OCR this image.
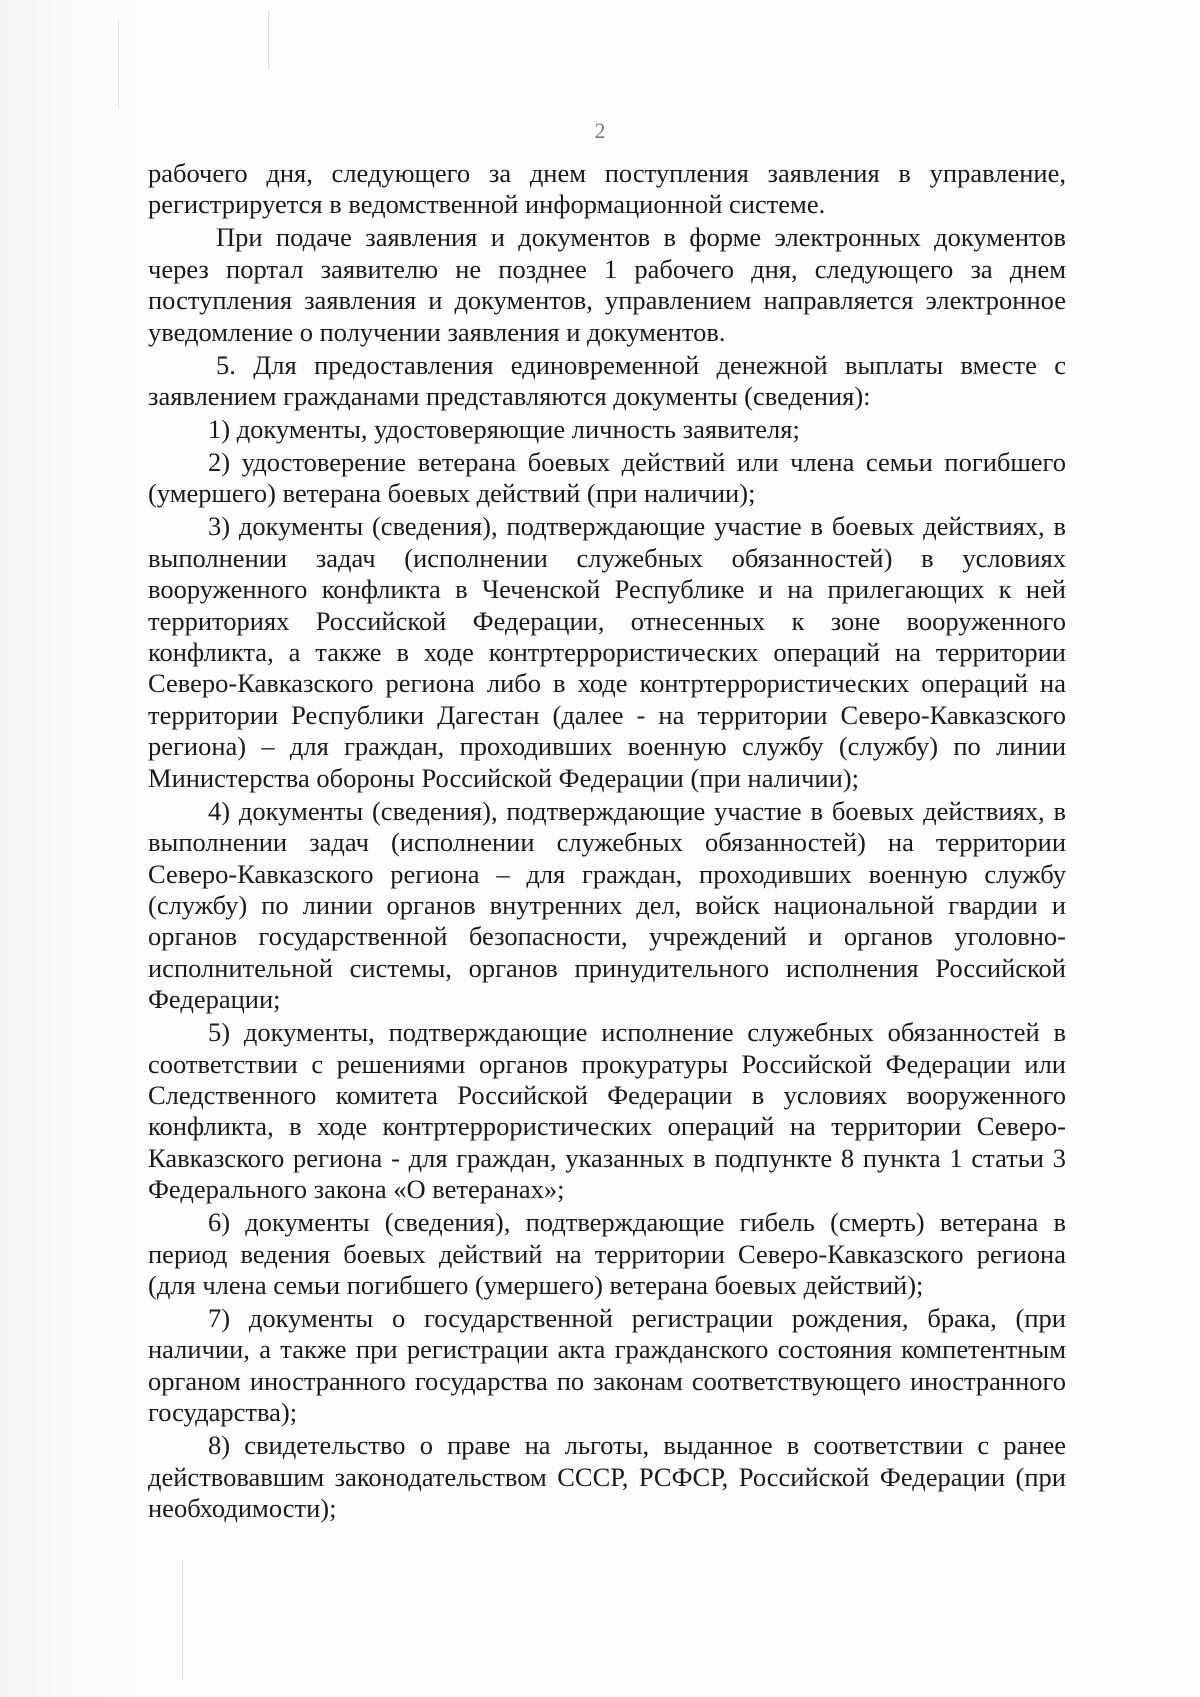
2

рабочего дня, следующего за днем поступления заявления в управление, регистрируется в ведомственной информационной системе.

При подаче заявления и документов в форме электронных документов через портал заявителю не позднее 1 рабочего дня, следующего за днем поступления заявления и документов, управлением направляется электронное уведомление о получении заявления и документов.

5. Для предоставления единовременной денежной выплаты вместе с заявлением гражданами представляются документы (сведения):

1) документы, удостоверяющие личность заявителя;

2) удостоверение ветерана боевых действий или члена семьи погибшего (умершего) ветерана боевых действий (при наличии);

3) документы (сведения), подтверждающие участие в боевых действиях, в выполнении задач (исполнении служебных обязанностей) в условиях вооруженного конфликта в Чеченской Республике и на прилегающих к ней территориях Российской Федерации, отнесенных к зоне вооруженного конфликта, а также в ходе контртеррористических операций на территории Северо-Кавказского региона либо в ходе контртеррористических операций на территории Республики Дагестан (далее - на территории Северо-Кавказского региона) – для граждан, проходивших военную службу (службу) по линии Министерства обороны Российской Федерации (при наличии);

4) документы (сведения), подтверждающие участие в боевых действиях, в выполнении задач (исполнении служебных обязанностей) на территории Северо-Кавказского региона – для граждан, проходивших военную службу (службу) по линии органов внутренних дел, войск национальной гвардии и органов государственной безопасности, учреждений и органов уголовно-исполнительной системы, органов принудительного исполнения Российской Федерации;

5) документы, подтверждающие исполнение служебных обязанностей в соответствии с решениями органов прокуратуры Российской Федерации или Следственного комитета Российской Федерации в условиях вооруженного конфликта, в ходе контртеррористических операций на территории Северо-Кавказского региона - для граждан, указанных в подпункте 8 пункта 1 статьи 3 Федерального закона «О ветеранах»;

6) документы (сведения), подтверждающие гибель (смерть) ветерана в период ведения боевых действий на территории Северо-Кавказского региона (для члена семьи погибшего (умершего) ветерана боевых действий);

7) документы о государственной регистрации рождения, брака, (при наличии, а также при регистрации акта гражданского состояния компетентным органом иностранного государства по законам соответствующего иностранного государства);

8) свидетельство о праве на льготы, выданное в соответствии с ранее действовавшим законодательством СССР, РСФСР, Российской Федерации (при необходимости);
